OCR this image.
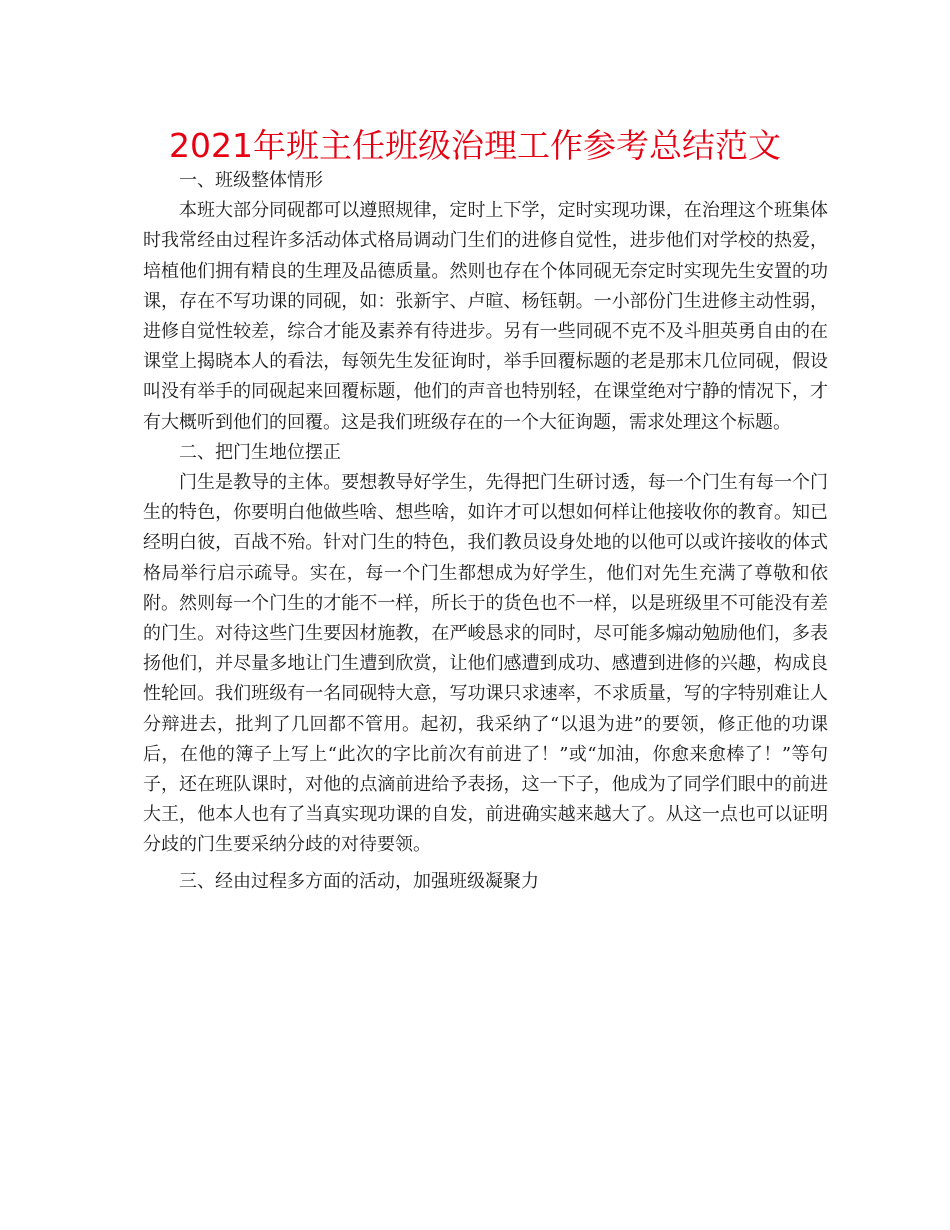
2021年班主任班级治理工作参考总结范文

一、班级整体情形

本班大部分同砚都可以遵照规律，定时上下学，定时实现功课，在治理这个班集体时我常经由过程许多活动体式格局调动门生们的进修自觉性，进步他们对学校的热爱，培植他们拥有精良的生理及品德质量。然则也存在个体同砚无奈定时实现先生安置的功课，存在不写功课的同砚，如：张新宇、卢暄、杨钰朝。一小部份门生进修主动性弱，进修自觉性较差，综合才能及素养有待进步。另有一些同砚不克不及斗胆英勇自由的在课堂上揭晓本人的看法，每领先生发征询时，举手回覆标题的老是那末几位同砚，假设叫没有举手的同砚起来回覆标题，他们的声音也特别轻，在课堂绝对宁静的情况下，才有大概听到他们的回覆。这是我们班级存在的一个大征询题，需求处理这个标题。

二、把门生地位摆正

门生是教导的主体。要想教导好学生，先得把门生研讨透，每一个门生有每一个门生的特色，你要明白他做些啥、想些啥，如许才可以想如何样让他接收你的教育。知已经明白彼，百战不殆。针对门生的特色，我们教员设身处地的以他可以或许接收的体式格局举行启示疏导。实在，每一个门生都想成为好学生，他们对先生充满了尊敬和依附。然则每一个门生的才能不一样，所长于的货色也不一样，以是班级里不可能没有差的门生。对待这些门生要因材施教，在严峻恳求的同时，尽可能多煽动勉励他们，多表扬他们，并尽量多地让门生遭到欣赏，让他们感遭到成功、感遭到进修的兴趣，构成良性轮回。我们班级有一名同砚特大意，写功课只求速率，不求质量，写的字特别难让人分辩进去，批判了几回都不管用。起初，我采纳了“以退为进”的要领，修正他的功课后，在他的簿子上写上“此次的字比前次有前进了！”或“加油，你愈来愈棒了！”等句子，还在班队课时，对他的点滴前进给予表扬，这一下子，他成为了同学们眼中的前进大王，他本人也有了当真实现功课的自发，前进确实越来越大了。从这一点也可以证明分歧的门生要采纳分歧的对待要领。

三、经由过程多方面的活动，加强班级凝聚力
